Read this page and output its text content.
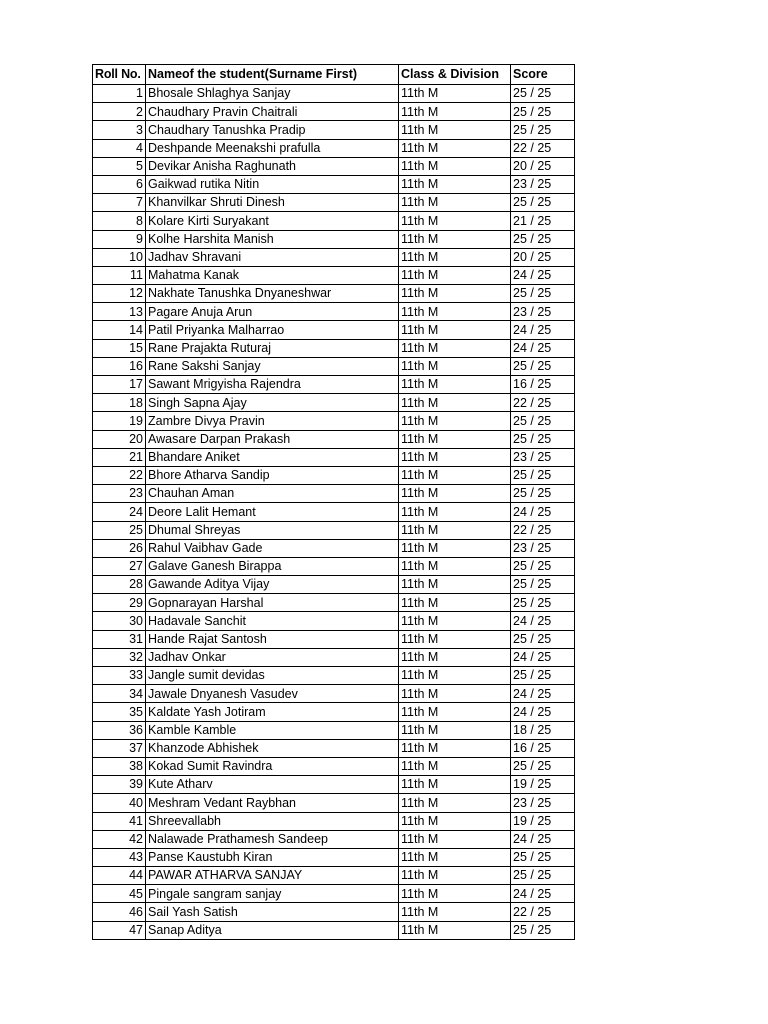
Roll No.	Nameof the student(Surname First)	Class & Division	Score
1	Bhosale Shlaghya Sanjay	11th M	25 / 25
2	Chaudhary Pravin Chaitrali	11th M	25 / 25
3	Chaudhary Tanushka Pradip	11th M	25 / 25
4	Deshpande Meenakshi prafulla	11th M	22 / 25
5	Devikar Anisha Raghunath	11th M	20 / 25
6	Gaikwad rutika Nitin	11th M	23 / 25
7	Khanvilkar Shruti Dinesh	11th M	25 / 25
8	Kolare Kirti Suryakant	11th M	21 / 25
9	Kolhe Harshita Manish	11th M	25 / 25
10	Jadhav Shravani	11th M	20 / 25
11	Mahatma Kanak	11th M	24 / 25
12	Nakhate Tanushka Dnyaneshwar	11th M	25 / 25
13	Pagare Anuja Arun	11th M	23 / 25
14	Patil Priyanka Malharrao	11th M	24 / 25
15	Rane Prajakta Ruturaj	11th M	24 / 25
16	Rane Sakshi Sanjay	11th M	25 / 25
17	Sawant Mrigyisha Rajendra	11th M	16 / 25
18	Singh Sapna Ajay	11th M	22 / 25
19	Zambre Divya Pravin	11th M	25 / 25
20	Awasare Darpan Prakash	11th M	25 / 25
21	Bhandare Aniket	11th M	23 / 25
22	Bhore Atharva Sandip	11th M	25 / 25
23	Chauhan Aman	11th M	25 / 25
24	Deore Lalit Hemant	11th M	24 / 25
25	Dhumal Shreyas	11th M	22 / 25
26	Rahul Vaibhav Gade	11th M	23 / 25
27	Galave Ganesh Birappa	11th M	25 / 25
28	Gawande Aditya Vijay	11th M	25 / 25
29	Gopnarayan Harshal	11th M	25 / 25
30	Hadavale Sanchit	11th M	24 / 25
31	Hande Rajat Santosh	11th M	25 / 25
32	Jadhav Onkar	11th M	24 / 25
33	Jangle sumit devidas	11th M	25 / 25
34	Jawale Dnyanesh Vasudev	11th M	24 / 25
35	Kaldate Yash Jotiram	11th M	24 / 25
36	Kamble Kamble	11th M	18 / 25
37	Khanzode Abhishek	11th M	16 / 25
38	Kokad Sumit Ravindra	11th M	25 / 25
39	Kute Atharv	11th M	19 / 25
40	Meshram Vedant Raybhan	11th M	23 / 25
41	Shreevallabh	11th M	19 / 25
42	Nalawade Prathamesh Sandeep	11th M	24 / 25
43	Panse Kaustubh Kiran	11th M	25 / 25
44	PAWAR ATHARVA SANJAY	11th M	25 / 25
45	Pingale sangram sanjay	11th M	24 / 25
46	Sail Yash Satish	11th M	22 / 25
47	Sanap Aditya	11th M	25 / 25
